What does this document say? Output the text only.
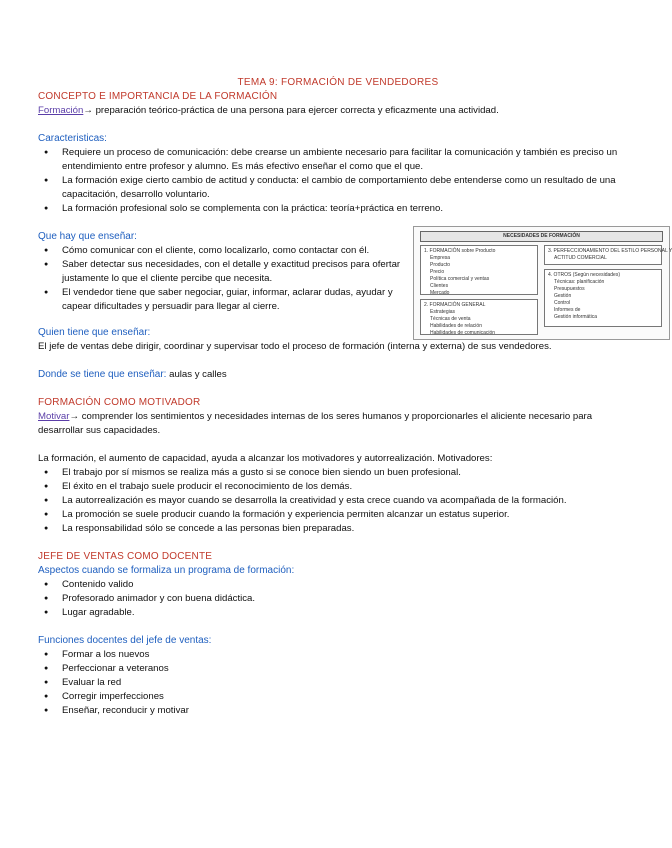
TEMA 9: FORMACIÓN DE VENDEDORES

CONCEPTO E IMPORTANCIA DE LA FORMACIÓN

Formación→ preparación teórico-práctica de una persona para ejercer correcta y eficazmente una actividad.

Caracteristicas:

● Requiere un proceso de comunicación: debe crearse un ambiente necesario para facilitar la comunicación y también es preciso un entendimiento entre profesor y alumno. Es más efectivo enseñar el como que el que.
● La formación exige cierto cambio de actitud y conducta: el cambio de comportamiento debe entenderse como un resultado de una capacitación, desarrollo voluntario.
● La formación profesional solo se complementa con la práctica: teoría+práctica en terreno.

Que hay que enseñar:

● Cómo comunicar con el cliente, como localizarlo, como contactar con él.
● Saber detectar sus necesidades, con el detalle y exactitud precisos para ofertar justamente lo que el cliente percibe que necesita.
● El vendedor tiene que saber negociar, guiar, informar, aclarar dudas, ayudar y capear dificultades y persuadir para llegar al cierre.
NECESIDADES DE FORMACIÓN
1. FORMACIÓN sobre Producto
Empresa
Producto
Precio
Política comercial y ventas
Clientes
Mercado
2. FORMACIÓN GENERAL
Estrategias
Técnicas de venta
Habilidades de relación
Habilidades de comunicación
3. PERFECCIONAMIENTO DEL ESTILO PERSONAL Y
ACTITUD COMERCIAL
4. OTROS (Según necesidades)
Técnicas: planificación
Presupuestos
Gestión
Control
Informes de
Gestión informática

Quien tiene que enseñar:

El jefe de ventas debe dirigir, coordinar y supervisar todo el proceso de formación (interna y externa) de sus vendedores.

Donde se tiene que enseñar: aulas y calles

FORMACIÓN COMO MOTIVADOR

Motivar→ comprender los sentimientos y necesidades internas de los seres humanos y proporcionarles el aliciente necesario para desarrollar sus capacidades.

La formación, el aumento de capacidad, ayuda a alcanzar los motivadores y autorrealización. Motivadores:

● El trabajo por sí mismos se realiza más a gusto si se conoce bien siendo un buen profesional.
● El éxito en el trabajo suele producir el reconocimiento de los demás.
● La autorrealización es mayor cuando se desarrolla la creatividad y esta crece cuando va acompañada de la formación.
● La promoción se suele producir cuando la formación y experiencia permiten alcanzar un estatus superior.
● La responsabilidad sólo se concede a las personas bien preparadas.

JEFE DE VENTAS COMO DOCENTE

Aspectos cuando se formaliza un programa de formación:

● Contenido valido
● Profesorado animador y con buena didáctica.
● Lugar agradable.

Funciones docentes del jefe de ventas:

● Formar a los nuevos
● Perfeccionar a veteranos
● Evaluar la red
● Corregir imperfecciones
● Enseñar, reconducir y motivar
